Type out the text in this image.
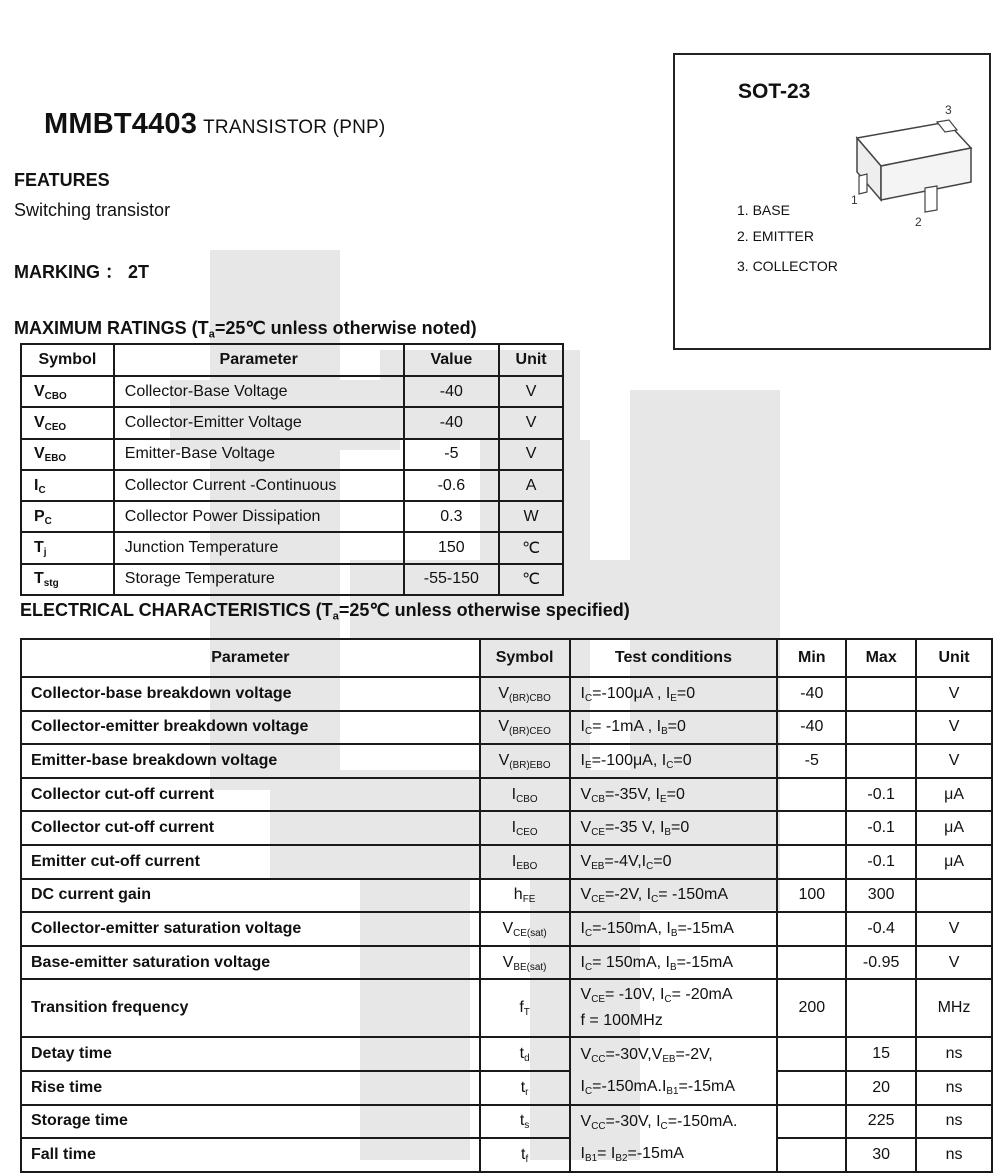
MMBT4403 TRANSISTOR (PNP)
FEATURES
Switching transistor
MARKING ： 2T
SOT-23
1
2
3
1. BASE
2. EMITTER
3. COLLECTOR
MAXIMUM RATINGS ($T_a=25℃$ unless otherwise noted)
Symbol	Parameter	Value	Unit
$V_{CBO}$	Collector-Base Voltage	-40	V
$V_{CEO}$	Collector-Emitter Voltage	-40	V
$V_{EBO}$	Emitter-Base Voltage	-5	V
$I_C$	Collector Current -Continuous	-0.6	A
$P_C$	Collector Power Dissipation	0.3	W
$T_j$	Junction Temperature	150	℃
$T_{stg}$	Storage Temperature	-55-150	℃
ELECTRICAL CHARACTERISTICS ($T_a=25℃$ unless otherwise specified)
Parameter	Symbol	Test conditions	Min	Max	Unit
Collector-base breakdown voltage	$V_{(BR)CBO}$	$I_C=-100\mu A$ , $I_E=0$	-40		V
Collector-emitter breakdown voltage	$V_{(BR)CEO}$	$I_C= -1mA$ , $I_B=0$	-40		V
Emitter-base breakdown voltage	$V_{(BR)EBO}$	$I_E=-100\mu A$, $I_C=0$	-5		V
Collector cut-off current	$I_{CBO}$	$V_{CB}=-35V$, $I_E=0$		-0.1	μA
Collector cut-off current	$I_{CEO}$	$V_{CE}=-35$ V, $I_B=0$		-0.1	μA
Emitter cut-off current	$I_{EBO}$	$V_{EB}=-4V,I_C=0$		-0.1	μA
DC current gain	$h_{FE}$	$V_{CE}=-2V$, $I_C= -150mA$	100	300	
Collector-emitter saturation voltage	$V_{CE(sat)}$	$I_C=-150mA$, $I_B=-15mA$		-0.4	V
Base-emitter saturation voltage	$V_{BE(sat)}$	$I_C= 150mA$, $I_B=-15mA$		-0.95	V
Transition frequency	$f_T$	$V_{CE}= -10V$, $I_C= -20mA$
f = 100MHz	200		MHz
Detay time	$t_d$	$V_{CC}=-30V,V_{EB}=-2V$,
$I_C=-150mA.I_{B1}=-15mA$		15	ns
Rise time	$t_r$			20	ns
Storage time	$t_s$	$V_{CC}=-30V$, $I_C=-150mA$.
$I_{B1}= I_{B2}=-15mA$		225	ns
Fall time	$t_f$			30	ns
